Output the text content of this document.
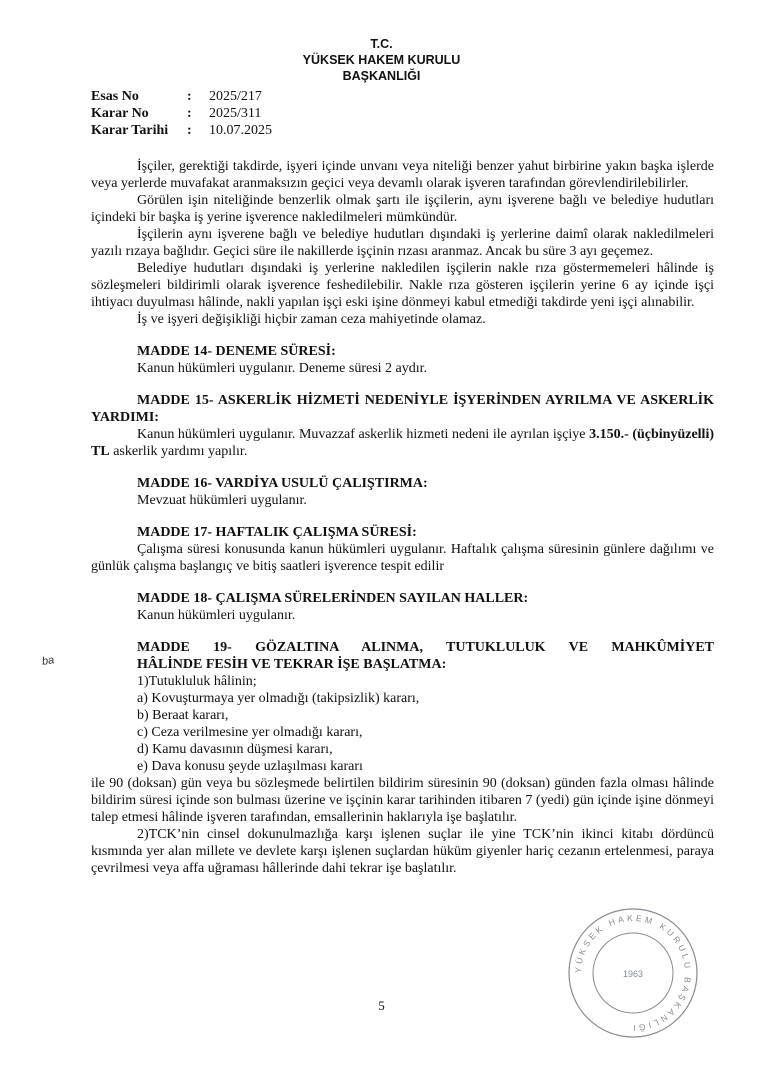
T.C.
YÜKSEK HAKEM KURULU
BAŞKANLIĞI
Esas No	:	2025/217
Karar No	:	2025/311
Karar Tarihi	:	10.07.2025

İşçiler, gerektiği takdirde, işyeri içinde unvanı veya niteliği benzer yahut birbirine yakın başka işlerde veya yerlerde muvafakat aranmaksızın geçici veya devamlı olarak işveren tarafından görevlendirilebilirler.

Görülen işin niteliğinde benzerlik olmak şartı ile işçilerin, aynı işverene bağlı ve belediye hudutları içindeki bir başka iş yerine işverence nakledilmeleri mümkündür.

İşçilerin aynı işverene bağlı ve belediye hudutları dışındaki iş yerlerine daimî olarak nakledilmeleri yazılı rızaya bağlıdır. Geçici süre ile nakillerde işçinin rızası aranmaz. Ancak bu süre 3 ayı geçemez.

Belediye hudutları dışındaki iş yerlerine nakledilen işçilerin nakle rıza göstermemeleri hâlinde iş sözleşmeleri bildirimli olarak işverence feshedilebilir. Nakle rıza gösteren işçilerin yerine 6 ay içinde işçi ihtiyacı duyulması hâlinde, nakli yapılan işçi eski işine dönmeyi kabul etmediği takdirde yeni işçi alınabilir.

İş ve işyeri değişikliği hiçbir zaman ceza mahiyetinde olamaz.

MADDE 14- DENEME SÜRESİ:

Kanun hükümleri uygulanır. Deneme süresi 2 aydır.

MADDE 15- ASKERLİK HİZMETİ NEDENİYLE İŞYERİNDEN AYRILMA VE ASKERLİK YARDIMI:

Kanun hükümleri uygulanır. Muvazzaf askerlik hizmeti nedeni ile ayrılan işçiye 3.150.- (üçbinyüzelli) TL askerlik yardımı yapılır.

MADDE 16- VARDİYA USULÜ ÇALIŞTIRMA:

Mevzuat hükümleri uygulanır.

MADDE 17- HAFTALIK ÇALIŞMA SÜRESİ:

Çalışma süresi konusunda kanun hükümleri uygulanır. Haftalık çalışma süresinin günlere dağılımı ve günlük çalışma başlangıç ve bitiş saatleri işverence tespit edilir

MADDE 18- ÇALIŞMA SÜRELERİNDEN SAYILAN HALLER:

Kanun hükümleri uygulanır.

MADDE 19- GÖZALTINA ALINMA, TUTUKLULUK VE MAHKÛMİYET

HÂLİNDE FESİH VE TEKRAR İŞE BAŞLATMA:

1)Tutukluluk hâlinin;
a) Kovuşturmaya yer olmadığı (takipsizlik) kararı,
b) Beraat kararı,
c) Ceza verilmesine yer olmadığı kararı,
d) Kamu davasının düşmesi kararı,
e) Dava konusu şeyde uzlaşılması kararı

ile 90 (doksan) gün veya bu sözleşmede belirtilen bildirim süresinin 90 (doksan) günden fazla olması hâlinde bildirim süresi içinde son bulması üzerine ve işçinin karar tarihinden itibaren 7 (yedi) gün içinde işine dönmeyi talep etmesi hâlinde işveren tarafından, emsallerinin haklarıyla işe başlatılır.

2)TCK’nin cinsel dokunulmazlığa karşı işlenen suçlar ile yine TCK’nin ikinci kitabı dördüncü kısmında yer alan millete ve devlete karşı işlenen suçlardan hüküm giyenler hariç cezanın ertelenmesi, paraya çevrilmesi veya affa uğraması hâllerinde dahi tekrar işe başlatılır.

ba
5
YÜKSEK HAKEM KURULU BAŞKANLIĞI
1963
